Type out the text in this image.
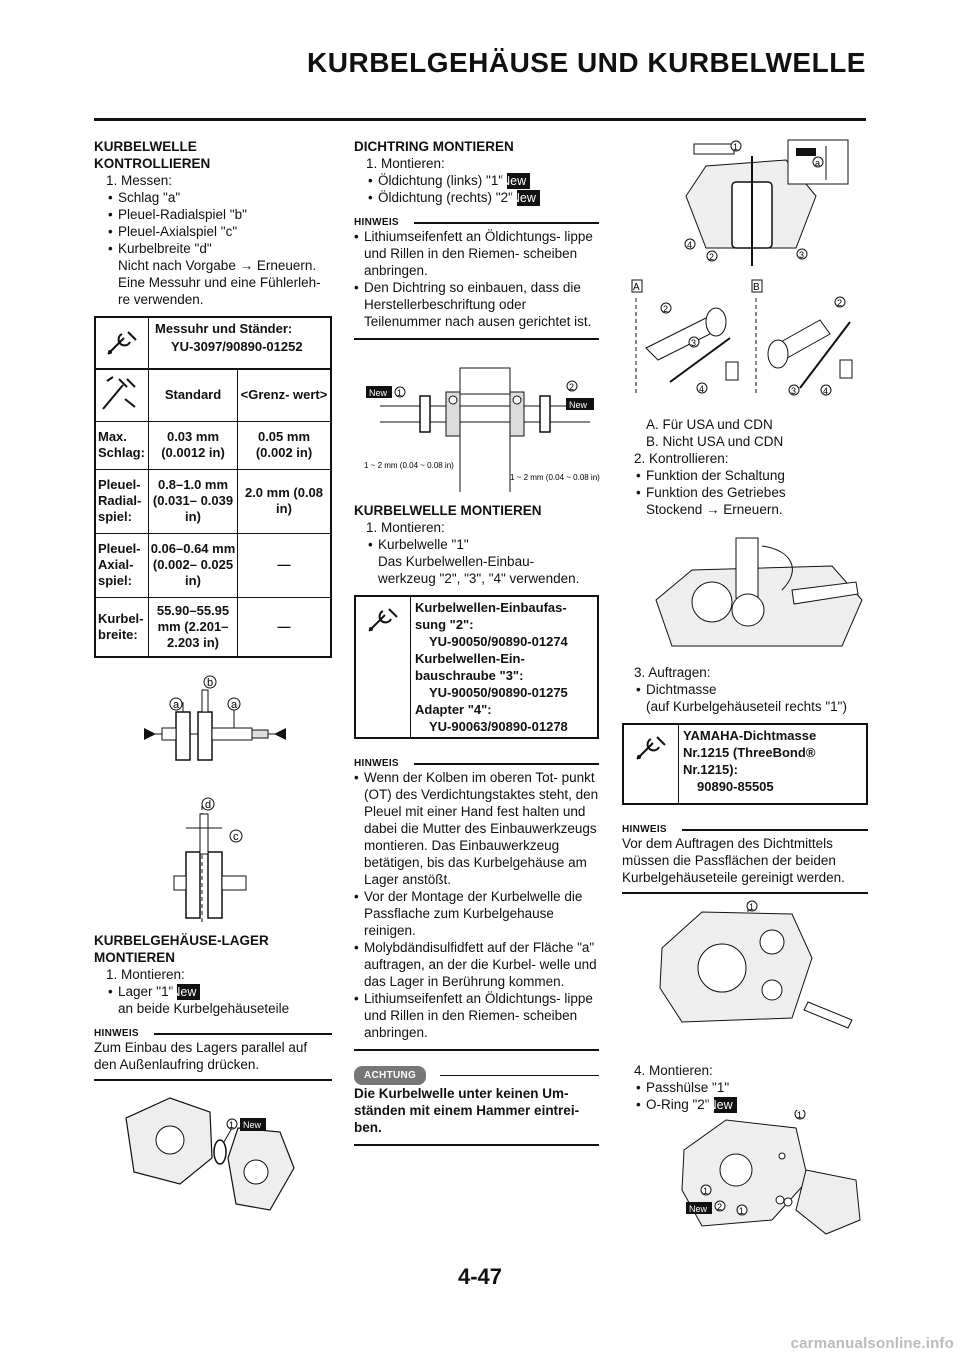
KURBELGEHÄUSE UND KURBELWELLE

KURBELWELLE

KONTROLLIEREN

1. Messen:

• Schlag "a"

• Pleuel-Radialspiel "b"

• Pleuel-Axialspiel "c"

• Kurbelbreite "d"

Nicht nach Vorgabe → Erneuern.

Eine Messuhr und eine Fühlerleh-

re verwenden.

Messuhr und Ständer:
YU-3097/90890-01252
	Standard	<Grenz- wert>
Max. Schlag:	0.03 mm (0.0012 in)	0.05 mm (0.002 in)
Pleuel- Radial- spiel:	0.8–1.0 mm (0.031– 0.039 in)	2.0 mm (0.08 in)
Pleuel- Axial- spiel:	0.06–0.64 mm (0.002– 0.025 in)	—
Kurbel- breite:	55.90–55.95 mm (2.201– 2.203 in)	—
b
a	a
d
c

KURBELGEHÄUSE-LAGER

MONTIEREN

1. Montieren:

• Lager "1"New

an beide Kurbelgehäuseteile

HINWEIS

Zum Einbau des Lagers parallel auf den Außenlaufring drücken.

1 New

DICHTRING MONTIEREN

1. Montieren:

• Öldichtung (links) "1"New

• Öldichtung (rechts) "2"New

HINWEIS

• Lithiumseifenfett an Öldichtungs- lippe und Rillen in den Riemen- scheiben anbringen.

• Den Dichtring so einbauen, dass die Herstellerbeschriftung oder Teilenummer nach ausen gerichtet ist.

New 1
2
New
1 ~ 2 mm (0.04 ~ 0.08 in)
1 ~ 2 mm (0.04 ~ 0.08 in)

KURBELWELLE MONTIEREN

1. Montieren:

• Kurbelwelle "1"

Das Kurbelwellen-Einbau-

werkzeug "2", "3", "4" verwenden.

Kurbelwellen-Einbaufas-
sung "2":
YU-90050/90890-01274
Kurbelwellen-Ein-
bauschraube "3":
YU-90050/90890-01275
Adapter "4":
YU-90063/90890-01278
HINWEIS

• Wenn der Kolben im oberen Tot- punkt (OT) des Verdichtungstaktes steht, den Pleuel mit einer Hand fest halten und dabei die Mutter des Einbauwerkzeugs montieren. Das Einbauwerkzeug betätigen, bis das Kurbelgehäuse am Lager anstößt.

• Vor der Montage der Kurbelwelle die Passflache zum Kurbelgehause reinigen.

• Molybdändisulfidfett auf der Fläche "a" auftragen, an der die Kurbel- welle und das Lager in Berührung kommen.

• Lithiumseifenfett an Öldichtungs- lippe und Rillen in den Riemen- scheiben anbringen.

ACHTUNG

Die Kurbelwelle unter keinen Um- ständen mit einem Hammer eintrei- ben.

1
4
2	3
a
A	B
2
3
4
2
3	4

A. Für USA und CDN

B. Nicht USA und CDN

2. Kontrollieren:

• Funktion der Schaltung

• Funktion des Getriebes

Stockend → Erneuern.

3. Auftragen:

• Dichtmasse

(auf Kurbelgehäuseteil rechts "1")

YAMAHA-Dichtmasse
Nr.1215 (ThreeBond®
Nr.1215):
90890-85505
HINWEIS

Vor dem Auftragen des Dichtmittels müssen die Passflächen der beiden Kurbelgehäuseteile gereinigt werden.

1

4. Montieren:

• Passhülse "1"

• O-Ring "2"New

1
1
2 1
New
4-47
carmanualsonline.info
